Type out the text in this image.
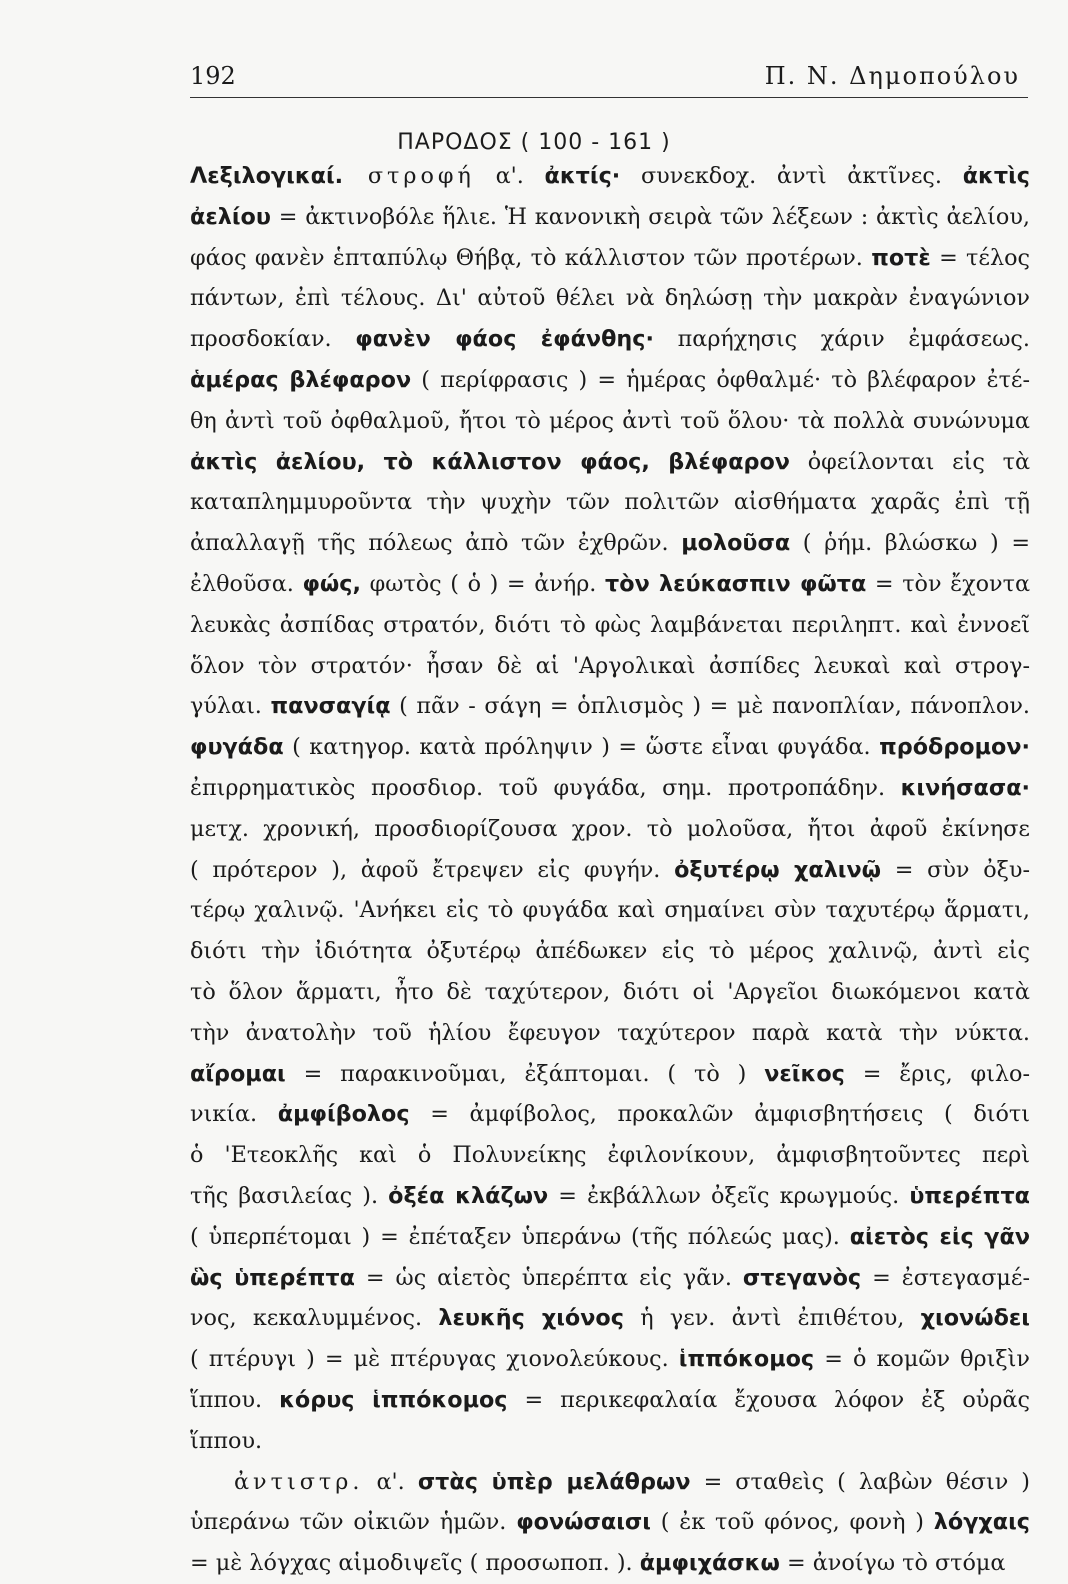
192	Π. Ν. Δημοπούλου
ΠΑΡΟΔΟΣ ( 100 - 161 )
Λεξιλογικαί. στροφή α'. ἀκτίς· συνεκδοχ. ἀντὶ ἀκτῖνες. ἀκτὶς
ἀελίου = ἀκτινοβόλε ἥλιε. Ἡ κανονικὴ σειρὰ τῶν λέξεων : ἀκτὶς ἀελίου,
φάος φανὲν ἑπταπύλῳ Θήβᾳ, τὸ κάλλιστον τῶν προτέρων. ποτὲ = τέλος
πάντων, ἐπὶ τέλους. Δι' αὐτοῦ θέλει νὰ δηλώσῃ τὴν μακρὰν ἐναγώνιον
προσδοκίαν. φανὲν φάος ἐφάνθης· παρήχησις χάριν ἐμφάσεως.
ἁμέρας βλέφαρον ( περίφρασις ) = ἡμέρας ὀφθαλμέ· τὸ βλέφαρον ἐτέ-
θη ἀντὶ τοῦ ὀφθαλμοῦ, ἤτοι τὸ μέρος ἀντὶ τοῦ ὅλου· τὰ πολλὰ συνώνυμα
ἀκτὶς ἀελίου, τὸ κάλλιστον φάος, βλέφαρον ὀφείλονται εἰς τὰ
καταπλημμυροῦντα τὴν ψυχὴν τῶν πολιτῶν αἰσθήματα χαρᾶς ἐπὶ τῇ
ἀπαλλαγῇ τῆς πόλεως ἀπὸ τῶν ἐχθρῶν. μολοῦσα ( ῥήμ. βλώσκω ) =
ἐλθοῦσα. φώς, φωτὸς ( ὁ ) = ἀνήρ. τὸν λεύκασπιν φῶτα = τὸν ἔχοντα
λευκὰς ἀσπίδας στρατόν, διότι τὸ φὼς λαμβάνεται περιληπτ. καὶ ἐννοεῖ
ὅλον τὸν στρατόν· ἦσαν δὲ αἱ 'Αργολικαὶ ἀσπίδες λευκαὶ καὶ στρογ-
γύλαι. πανσαγίᾳ ( πᾶν - σάγη = ὁπλισμὸς ) = μὲ πανοπλίαν, πάνοπλον.
φυγάδα ( κατηγορ. κατὰ πρόληψιν ) = ὥστε εἶναι φυγάδα. πρόδρομον·
ἐπιρρηματικὸς προσδιορ. τοῦ φυγάδα, σημ. προτροπάδην. κινήσασα·
μετχ. χρονική, προσδιορίζουσα χρον. τὸ μολοῦσα, ἤτοι ἀφοῦ ἐκίνησε
( πρότερον ), ἀφοῦ ἔτρεψεν εἰς φυγήν. ὀξυτέρῳ χαλινῷ = σὺν ὀξυ-
τέρῳ χαλινῷ. 'Ανήκει εἰς τὸ φυγάδα καὶ σημαίνει σὺν ταχυτέρῳ ἅρματι,
διότι τὴν ἰδιότητα ὀξυτέρῳ ἀπέδωκεν εἰς τὸ μέρος χαλινῷ, ἀντὶ εἰς
τὸ ὅλον ἅρματι, ἦτο δὲ ταχύτερον, διότι οἱ 'Αργεῖοι διωκόμενοι κατὰ
τὴν ἀνατολὴν τοῦ ἡλίου ἔφευγον ταχύτερον παρὰ κατὰ τὴν νύκτα.
αἴρομαι = παρακινοῦμαι, ἐξάπτομαι. ( τὸ ) νεῖκος = ἔρις, φιλο-
νικία. ἀμφίβολος = ἀμφίβολος, προκαλῶν ἀμφισβητήσεις ( διότι
ὁ 'Ετεοκλῆς καὶ ὁ Πολυνείκης ἐφιλονίκουν, ἀμφισβητοῦντες περὶ
τῆς βασιλείας ). ὀξέα κλάζων = ἐκβάλλων ὀξεῖς κρωγμούς. ὑπερέπτα
( ὑπερπέτομαι ) = ἐπέταξεν ὑπεράνω (τῆς πόλεώς μας). αἰετὸς εἰς γᾶν
ὣς ὑπερέπτα = ὡς αἰετὸς ὑπερέπτα εἰς γᾶν. στεγανὸς = ἐστεγασμέ-
νος, κεκαλυμμένος. λευκῆς χιόνος ἡ γεν. ἀντὶ ἐπιθέτου, χιονώδει
( πτέρυγι ) = μὲ πτέρυγας χιονολεύκους. ἱππόκομος = ὁ κομῶν θριξὶν
ἵππου. κόρυς ἱππόκομος = περικεφαλαία ἔχουσα λόφον ἐξ οὐρᾶς
ἵππου.
ἀντιστρ. α'. στὰς ὑπὲρ μελάθρων = σταθεὶς ( λαβὼν θέσιν )
ὑπεράνω τῶν οἰκιῶν ἡμῶν. φονώσαισι ( ἐκ τοῦ φόνος, φονὴ ) λόγχαις
= μὲ λόγχας αἱμοδιψεῖς ( προσωποπ. ). ἀμφιχάσκω = ἀνοίγω τὸ στόμα
